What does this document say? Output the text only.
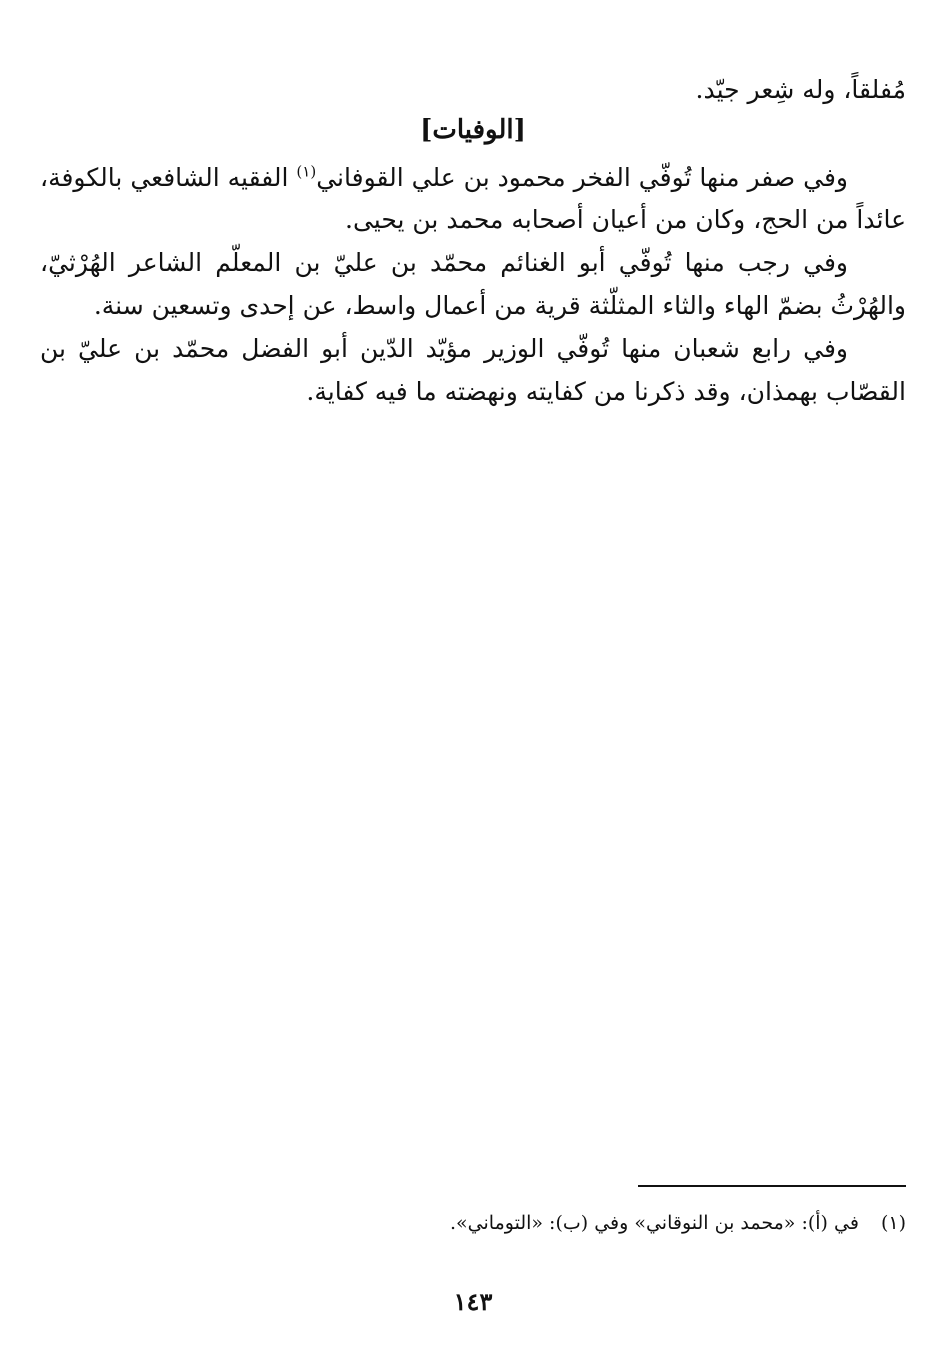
مُفلقاً، وله شِعر جيّد.
[الوفيات]
وفي صفر منها تُوفّي الفخر محمود بن علي القوفاني$^{(١)}$ الفقيه الشافعي بالكوفة،
عائداً من الحج، وكان من أعيان أصحابه محمد بن يحيى.
وفي رجب منها تُوفّي أبو الغنائم محمّد بن عليّ بن المعلّم الشاعر الهُرْثيّ،
والهُرْثُ بضمّ الهاء والثاء المثلّثة قرية من أعمال واسط، عن إحدى وتسعين سنة.
وفي رابع شعبان منها تُوفّي الوزير مؤيّد الدّين أبو الفضل محمّد بن عليّ بن
القصّاب بهمذان، وقد ذكرنا من كفايته ونهضته ما فيه كفاية.
(١)في (أ): «محمد بن النوقاني» وفي (ب): «التوماني».
١٤٣
